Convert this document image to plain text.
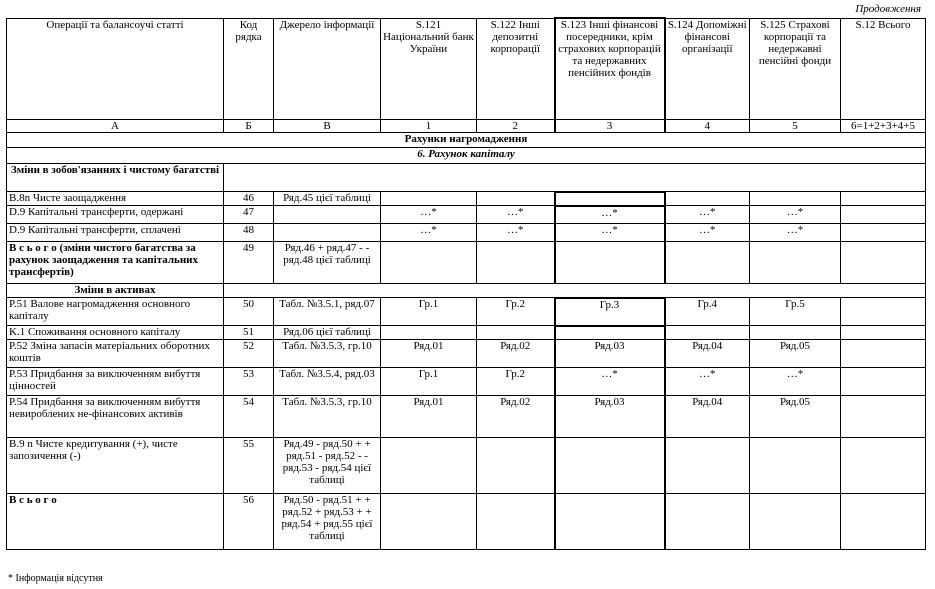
Продовження
Операції та балансоучі статті	Код рядка	Джерело інформації	S.121 Національний банк України	S.122 Інші депозитні корпорації	S.123 Інші фінансові посередники, крім страхових корпорацій та недержавних пенсійних фондів	S.124 Допоміжні фінансові організації	S.125 Страхові корпорації та недержавні пенсійні фонди	S.12 Всього
А	Б	В	1	2	3	4	5	6=1+2+3+4+5
Рахунки нагромадження								
6. Рахунок капіталу								
Зміни в зобов'язаннях і чистому багатстві								
B.8n Чисте заощадження	46	Ряд.45 цієї таблиці						
D.9 Капітальні трансферти, одержані	47		…*	…*	…*	…*	…*	
D.9 Капітальні трансферти, сплачені	48		…*	…*	…*	…*	…*	
В с ь о г о (зміни чистого багатства за рахунок заощадження та капітальних трансфертів)	49	Ряд.46 + ряд.47 - - ряд.48 цієї таблиці						
Зміни в активах								
P.51 Валове нагромадження основного капіталу	50	Табл. №3.5.1, ряд.07	Гр.1	Гр.2	Гр.3	Гр.4	Гр.5	
K.1 Споживання основного капіталу	51	Ряд.06 цієї таблиці						
P.52 Зміна запасів матеріальних оборотних коштів	52	Табл. №3.5.3, гр.10	Ряд.01	Ряд.02	Ряд.03	Ряд.04	Ряд.05	
P.53 Придбання за виключенням вибуття цінностей	53	Табл. №3.5.4, ряд.03	Гр.1	Гр.2	…*	…*	…*	
P.54 Придбання за виключенням вибуття невироблених не-фінансових активів	54	Табл. №3.5.3, гр.10	Ряд.01	Ряд.02	Ряд.03	Ряд.04	Ряд.05	
B.9 n Чисте кредитування (+), чисте запозичення (-)	55	Ряд.49 - ряд.50 + + ряд.51 - ряд.52 - - ряд.53 - ряд.54 цієї таблиці						
В с ь о г о	56	Ряд.50 - ряд.51 + + ряд.52 + ряд.53 + + ряд.54 + ряд.55 цієї таблиці						
* Інформація відсутня
